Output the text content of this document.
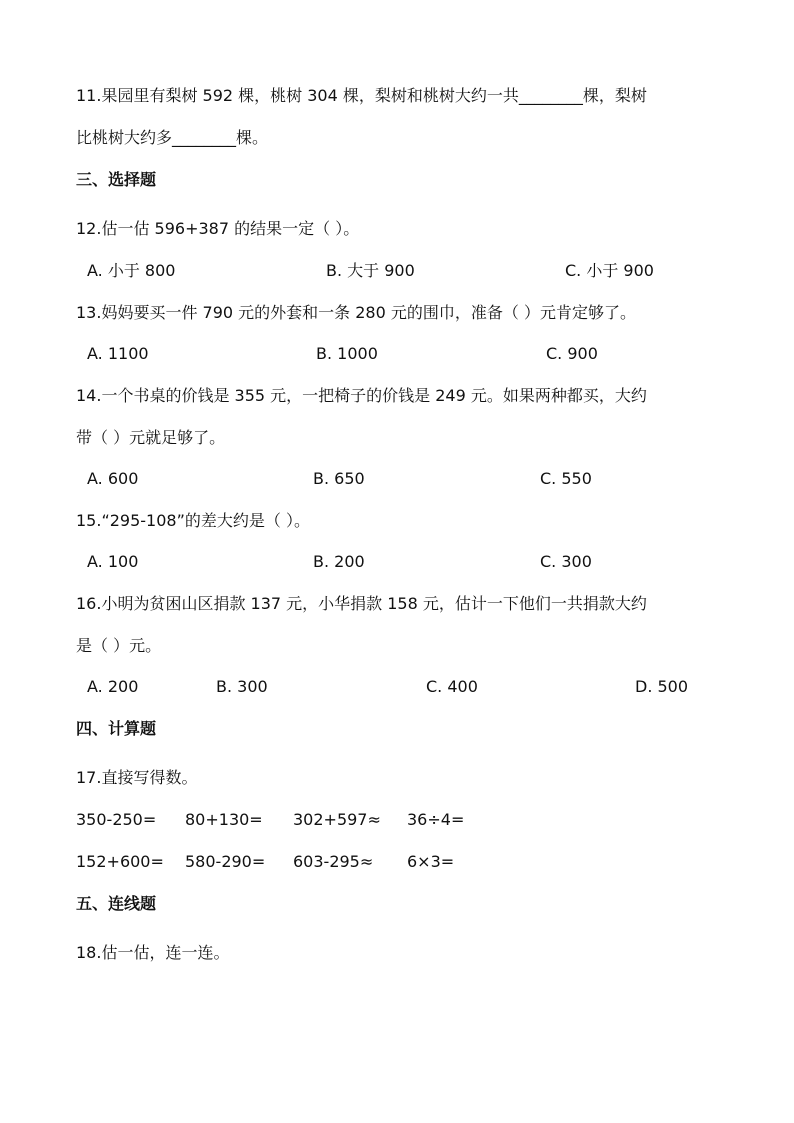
11.果园里有梨树 592 棵，桃树 304 棵，梨树和桃树大约一共________棵，梨树
比桃树大约多________棵。
三、选择题
12.估一估 596+387 的结果一定（ ）。
A. 小于 800	B. 大于 900	C. 小于 900
13.妈妈要买一件 790 元的外套和一条 280 元的围巾，准备（ ）元肯定够了。
A. 1100	B. 1000	C. 900
14.一个书桌的价钱是 355 元，一把椅子的价钱是 249 元。如果两种都买，大约
带（ ）元就足够了。
A. 600	B. 650	C. 550
15.“295-108”的差大约是（ ）。
A. 100	B. 200	C. 300
16.小明为贫困山区捐款 137 元，小华捐款 158 元，估计一下他们一共捐款大约
是（ ）元。
A. 200	B. 300	C. 400	D. 500
四、计算题
17.直接写得数。
350-250= 80+130= 302+597≈ 36÷4=
152+600= 580-290= 603-295≈ 6×3=
五、连线题
18.估一估，连一连。
